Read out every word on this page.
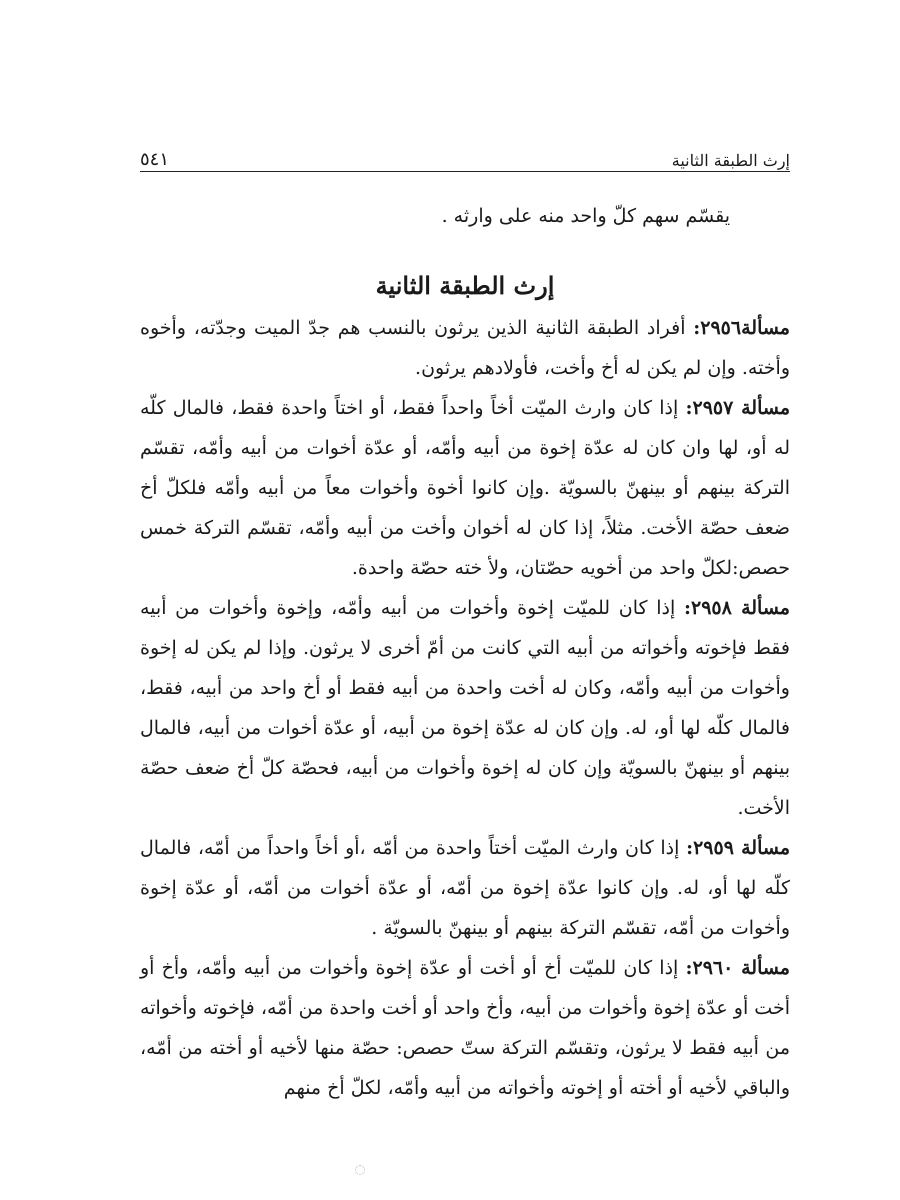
إرث الطبقة الثانية
٥٤١

يقسّم سهم كلّ واحد منه على وارثه .

إرث الطبقة الثانية

مسألة٢٩٥٦: أفراد الطبقة الثانية الذين يرثون بالنسب هم جدّ الميت وجدّته، وأخوه وأخته. وإن لم يكن له أخ وأخت، فأولادهم يرثون.

مسألة ٢٩٥٧: إذا كان وارث الميّت أخاً واحداً فقط، أو اختاً واحدة فقط، فالمال كلّه له أو، لها وان كان له عدّة إخوة من أبيه وأمّه، أو عدّة أخوات من أبيه وأمّه، تقسّم التركة بينهم أو بينهنّ بالسويّة .وإن كانوا أخوة وأخوات معاً من أبيه وأمّه فلكلّ أخ ضعف حصّة الأخت. مثلاً، إذا كان له أخوان وأخت من أبيه وأمّه، تقسّم التركة خمس حصص:لكلّ واحد من أخويه حصّتان، ولأ خته حصّة واحدة.

مسألة ٢٩٥٨: إذا كان للميّت إخوة وأخوات من أبيه وأمّه، وإخوة وأخوات من أبيه فقط فإخوته وأخواته من أبيه التي كانت من أمّ أخرى لا يرثون. وإذا لم يكن له إخوة وأخوات من أبيه وأمّه، وكان له أخت واحدة من أبيه فقط أو أخ واحد من أبيه، فقط، فالمال كلّه لها أو، له. وإن كان له عدّة إخوة من أبيه، أو عدّة أخوات من أبيه، فالمال بينهم أو بينهنّ بالسويّة وإن كان له إخوة وأخوات من أبيه، فحصّة كلّ أخ ضعف حصّة الأخت.

مسألة ٢٩٥٩: إذا كان وارث الميّت أختاً واحدة من أمّه ،أو أخاً واحداً من أمّه، فالمال كلّه لها أو، له. وإن كانوا عدّة إخوة من أمّه، أو عدّة أخوات من أمّه، أو عدّة إخوة وأخوات من أمّه، تقسّم التركة بينهم أو بينهنّ بالسويّة .

مسألة ٢٩٦٠: إذا كان للميّت أخ أو أخت أو عدّة إخوة وأخوات من أبيه وأمّه، وأخ أو أخت أو عدّة إخوة وأخوات من أبيه، وأخ واحد أو أخت واحدة من أمّه، فإخوته وأخواته من أبيه فقط لا يرثون، وتقسّم التركة ستّ حصص: حصّة منها لأخيه أو أخته من أمّه، والباقي لأخيه أو أخته أو إخوته وأخواته من أبيه وأمّه، لكلّ أخ منهم
